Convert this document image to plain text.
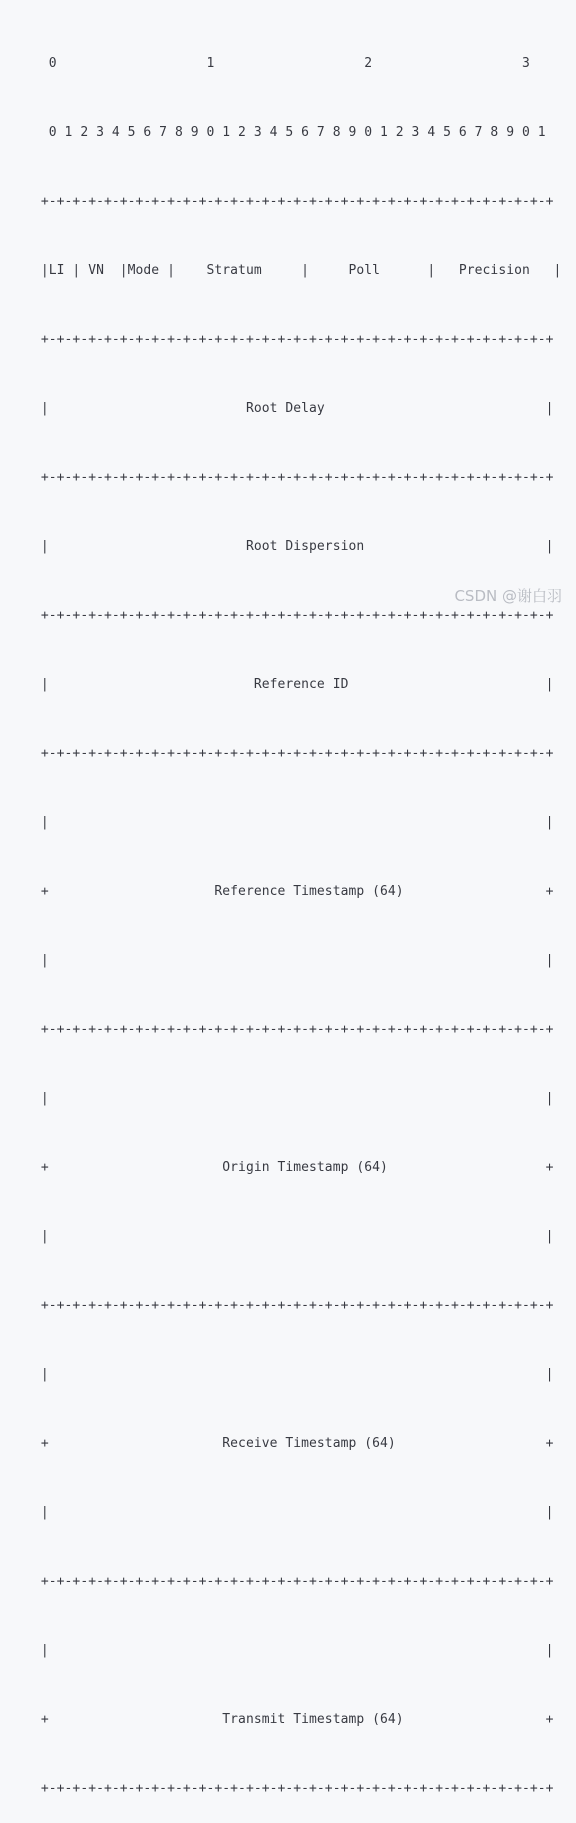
0                   1                   2                   3

0 1 2 3 4 5 6 7 8 9 0 1 2 3 4 5 6 7 8 9 0 1 2 3 4 5 6 7 8 9 0 1

+-+-+-+-+-+-+-+-+-+-+-+-+-+-+-+-+-+-+-+-+-+-+-+-+-+-+-+-+-+-+-+-+

|LI | VN  |Mode |    Stratum     |     Poll      |   Precision   |

+-+-+-+-+-+-+-+-+-+-+-+-+-+-+-+-+-+-+-+-+-+-+-+-+-+-+-+-+-+-+-+-+

|                         Root Delay                            |

+-+-+-+-+-+-+-+-+-+-+-+-+-+-+-+-+-+-+-+-+-+-+-+-+-+-+-+-+-+-+-+-+

|                         Root Dispersion                       |

+-+-+-+-+-+-+-+-+-+-+-+-+-+-+-+-+-+-+-+-+-+-+-+-+-+-+-+-+-+-+-+-+

|                          Reference ID                         |

+-+-+-+-+-+-+-+-+-+-+-+-+-+-+-+-+-+-+-+-+-+-+-+-+-+-+-+-+-+-+-+-+

|                                                               |

+                     Reference Timestamp (64)                  +

|                                                               |

+-+-+-+-+-+-+-+-+-+-+-+-+-+-+-+-+-+-+-+-+-+-+-+-+-+-+-+-+-+-+-+-+

|                                                               |

+                      Origin Timestamp (64)                    +

|                                                               |

+-+-+-+-+-+-+-+-+-+-+-+-+-+-+-+-+-+-+-+-+-+-+-+-+-+-+-+-+-+-+-+-+

|                                                               |

+                      Receive Timestamp (64)                   +

|                                                               |

+-+-+-+-+-+-+-+-+-+-+-+-+-+-+-+-+-+-+-+-+-+-+-+-+-+-+-+-+-+-+-+-+

|                                                               |

+                      Transmit Timestamp (64)                  +

+-+-+-+-+-+-+-+-+-+-+-+-+-+-+-+-+-+-+-+-+-+-+-+-+-+-+-+-+-+-+-+-+

CSDN @谢白羽
